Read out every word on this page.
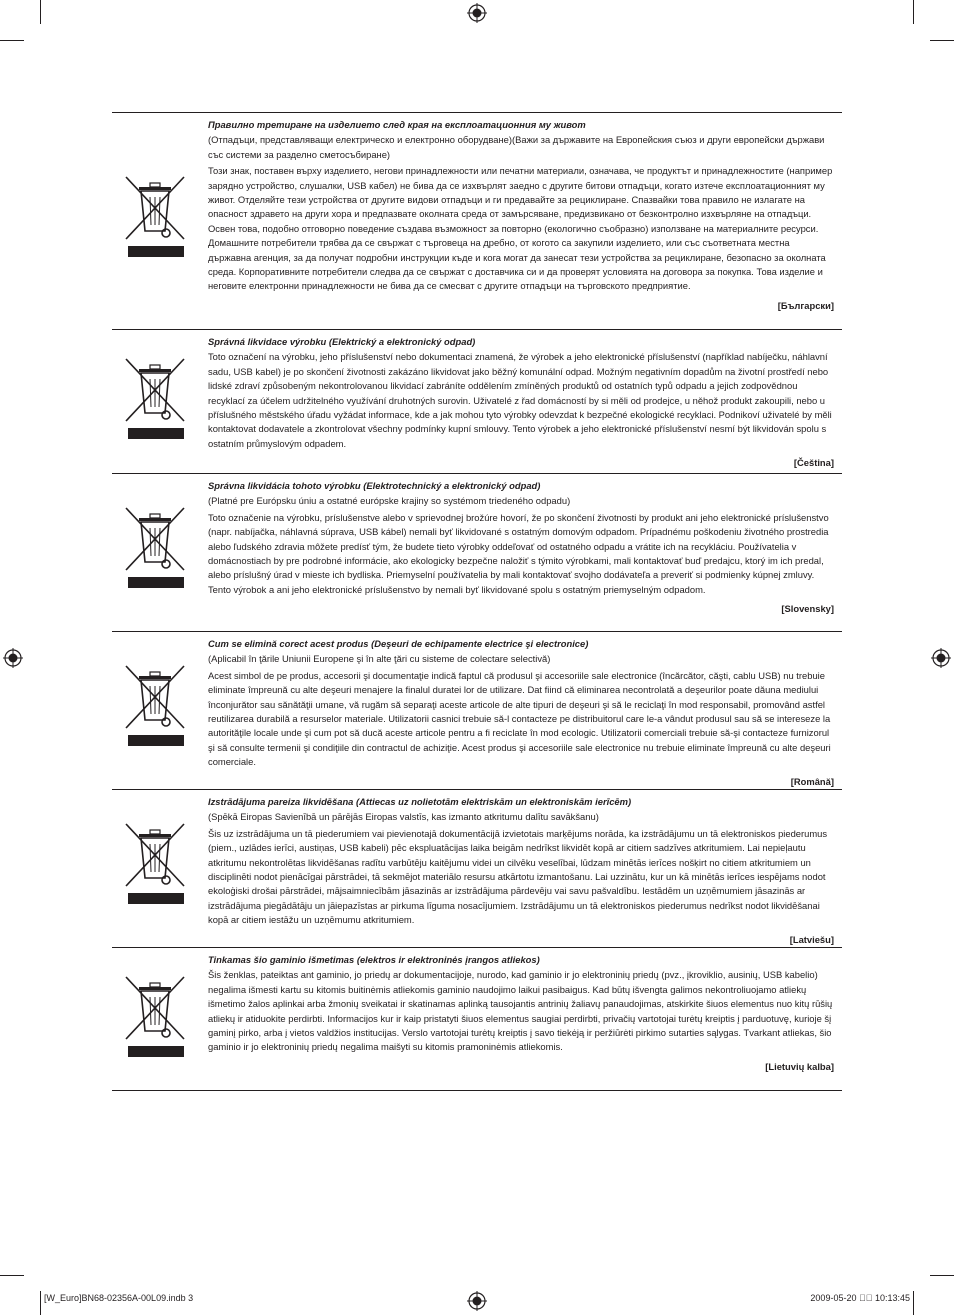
Правилно третиране на изделието след края на експлоатационния му живот
(Отпадъци, представляващи електрическо и електронно оборудване)(Важи за държавите на Европейския съюз и други европейски държави със системи за разделно сметосъбиране)
Този знак, поставен върху изделието, негови принадлежности или печатни материали, означава, че продуктът и принадлежностите (например зарядно устройство, слушалки, USB кабел) не бива да се изхвърлят заедно с другите битови отпадъци, когато изтече експлоатационният му живот. Отделяйте тези устройства от другите видови отпадъци и ги предавайте за рециклиране. Спазвайки това правило не излагате на опасност здравето на други хора и предпазвате околната среда от замърсяване, предизвикано от безконтролно изхвърляне на отпадъци. Освен това, подобно отговорно поведение създава възможност за повторно (екологично съобразно) използване на материалните ресурси. Домашните потребители трябва да се свържат с търговеца на дребно, от когото са закупили изделието, или със съответната местна държавна агенция, за да получат подробни инструкции къде и кога могат да занесат тези устройства за рециклиране, безопасно за околната среда. Корпоративните потребители следва да се свържат с доставчика си и да проверят условията на договора за покупка. Това изделие и неговите електронни принадлежности не бива да се смесват с другите отпадъци на търговското предприятие.
[Български]
Správná likvidace výrobku (Elektrický a elektronický odpad)
Toto označení na výrobku, jeho příslušenství nebo dokumentaci znamená, že výrobek a jeho elektronické příslušenství (například nabíječku, náhlavní sadu, USB kabel) je po skončení životnosti zakázáno likvidovat jako běžný komunální odpad. Možným negativním dopadům na životní prostředí nebo lidské zdraví způsobeným nekontrolovanou likvidací zabráníte oddělením zmíněných produktů od ostatních typů odpadu a jejich zodpovědnou recyklací za účelem udržitelného využívání druhotných surovin. Uživatelé z řad domácností by si měli od prodejce, u něhož produkt zakoupili, nebo u příslušného městského úřadu vyžádat informace, kde a jak mohou tyto výrobky odevzdat k bezpečné ekologické recyklaci. Podnikoví uživatelé by měli kontaktovat dodavatele a zkontrolovat všechny podmínky kupní smlouvy. Tento výrobek a jeho elektronické příslušenství nesmí být likvidován spolu s ostatním průmyslovým odpadem.
[Čeština]
Správna likvidácia tohoto výrobku (Elektrotechnický a elektronický odpad)
(Platné pre Európsku úniu a ostatné európske krajiny so systémom triedeného odpadu)
Toto označenie na výrobku, príslušenstve alebo v sprievodnej brožúre hovorí, že po skončení životnosti by produkt ani jeho elektronické príslušenstvo (napr. nabíjačka, náhlavná súprava, USB kábel) nemali byť likvidované s ostatným domovým odpadom. Prípadnému poškodeniu životného prostredia alebo ľudského zdravia môžete predísť tým, že budete tieto výrobky oddeľovať od ostatného odpadu a vrátite ich na recykláciu. Používatelia v domácnostiach by pre podrobné informácie, ako ekologicky bezpečne naložiť s týmito výrobkami, mali kontaktovať buď predajcu, ktorý im ich predal, alebo príslušný úrad v mieste ich bydliska. Priemyselní používatelia by mali kontaktovať svojho dodávateľa a preveriť si podmienky kúpnej zmluvy. Tento výrobok a ani jeho elektronické príslušenstvo by nemali byť likvidované spolu s ostatným priemyselným odpadom.
[Slovensky]
Cum se elimină corect acest produs (Deşeuri de echipamente electrice şi electronice)
(Aplicabil în ţările Uniunii Europene şi în alte ţări cu sisteme de colectare selectivă)
Acest simbol de pe produs, accesorii şi documentaţie indică faptul că produsul şi accesoriile sale electronice (încărcător, căşti, cablu USB) nu trebuie eliminate împreună cu alte deşeuri menajere la finalul duratei lor de utilizare. Dat fiind că eliminarea necontrolată a deşeurilor poate dăuna mediului înconjurător sau sănătăţii umane, vă rugăm să separaţi aceste articole de alte tipuri de deşeuri şi să le reciclaţi în mod responsabil, promovând astfel reutilizarea durabilă a resurselor materiale. Utilizatorii casnici trebuie să-l contacteze pe distribuitorul care le-a vândut produsul sau să se intereseze la autorităţile locale unde şi cum pot să ducă aceste articole pentru a fi reciclate în mod ecologic. Utilizatorii comerciali trebuie să-şi contacteze furnizorul şi să consulte termenii şi condiţiile din contractul de achiziţie. Acest produs şi accesoriile sale electronice nu trebuie eliminate împreună cu alte deşeuri comerciale.
[Română]
Izstrādājuma pareiza likvidēšana (Attiecas uz nolietotām elektriskām un elektroniskām ierīcēm)
(Spēkā Eiropas Savienībā un pārējās Eiropas valstīs, kas izmanto atkritumu dalītu savākšanu)
Šis uz izstrādājuma un tā piederumiem vai pievienotajā dokumentācijā izvietotais marķējums norāda, ka izstrādājumu un tā elektroniskos piederumus (piem., uzlādes ierīci, austiņas, USB kabeli) pēc ekspluatācijas laika beigām nedrīkst likvidēt kopā ar citiem sadzīves atkritumiem. Lai nepieļautu atkritumu nekontrolētas likvidēšanas radītu varbūtēju kaitējumu videi un cilvēku veselībai, lūdzam minētās ierīces nošķirt no citiem atkritumiem un disciplinēti nodot pienācīgai pārstrādei, tā sekmējot materiālo resursu atkārtotu izmantošanu. Lai uzzinātu, kur un kā minētās ierīces iespējams nodot ekoloģiski drošai pārstrādei, mājsaimniecībām jāsazinās ar izstrādājuma pārdevēju vai savu pašvaldību. Iestādēm un uzņēmumiem jāsazinās ar izstrādājuma piegādātāju un jāiepazīstas ar pirkuma līguma nosacījumiem. Izstrādājumu un tā elektroniskos piederumus nedrīkst nodot likvidēšanai kopā ar citiem iestāžu un uzņēmumu atkritumiem.
[Latviešu]
Tinkamas šio gaminio išmetimas (elektros ir elektroninės įrangos atliekos)
Šis ženklas, pateiktas ant gaminio, jo priedų ar dokumentacijoje, nurodo, kad gaminio ir jo elektroninių priedų (pvz., įkroviklio, ausinių, USB kabelio) negalima išmesti kartu su kitomis buitinėmis atliekomis gaminio naudojimo laikui pasibaigus. Kad būtų išvengta galimos nekontroliuojamo atliekų išmetimo žalos aplinkai arba žmonių sveikatai ir skatinamas aplinką tausojantis antrinių žaliavų panaudojimas, atskirkite šiuos elementus nuo kitų rūšių atliekų ir atiduokite perdirbti. Informacijos kur ir kaip pristatyti šiuos elementus saugiai perdirbti, privačių vartotojai turėtų kreiptis į parduotuvę, kurioje šį gaminį pirko, arba į vietos valdžios institucijas. Verslo vartotojai turėtų kreiptis į savo tiekėją ir peržiūrėti pirkimo sutarties sąlygas. Tvarkant atliekas, šio gaminio ir jo elektroninių priedų negalima maišyti su kitomis pramoninėmis atliekomis.
[Lietuvių kalba]
[W_Euro]BN68-02356A-00L09.indb 3	2009-05-20 ￿￿ 10:13:45
